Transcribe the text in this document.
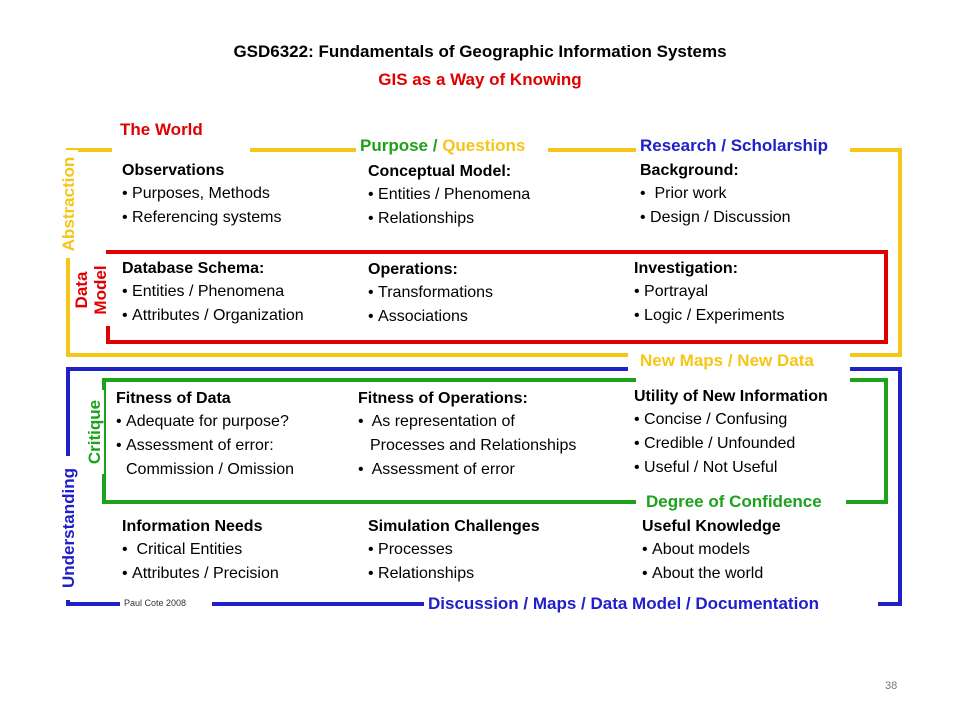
GSD6322: Fundamentals of Geographic Information Systems
GIS as a Way of Knowing
The World
Purpose / Questions	Research / Scholarship
New Maps / New Data
Degree of Confidence
Discussion / Maps / Data Model / Documentation
Abstraction
Data Model
Critique
Understanding
Observations
• Purposes, Methods
• Referencing systems
Conceptual Model:
• Entities / Phenomena
• Relationships
Background:
•  Prior work
• Design / Discussion
Database Schema:
• Entities / Phenomena
• Attributes / Organization
Operations:
• Transformations
• Associations
Investigation:
• Portrayal
• Logic / Experiments
Fitness of Data
• Adequate for purpose?
• Assessment of error:
Commission / Omission
Fitness of Operations:
•  As representation of
Processes and Relationships
•  Assessment of error
Utility of New Information
• Concise / Confusing
• Credible / Unfounded
• Useful / Not Useful
Information Needs
•  Critical Entities
• Attributes / Precision
Simulation Challenges
• Processes
• Relationships
Useful Knowledge
• About models
• About the world
Paul Cote 2008
38
